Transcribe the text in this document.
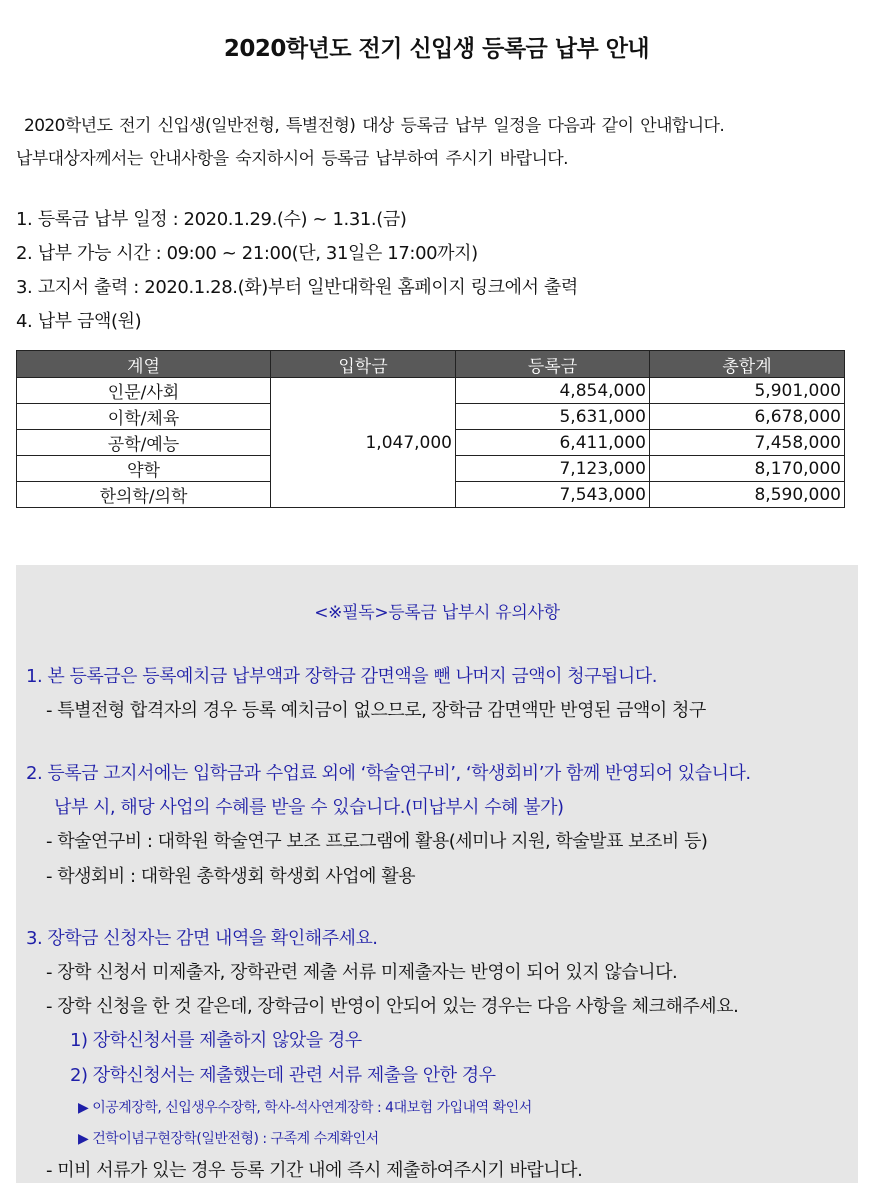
2020학년도 전기 신입생 등록금 납부 안내
2020학년도 전기 신입생(일반전형, 특별전형) 대상 등록금 납부 일정을 다음과 같이 안내합니다.
납부대상자께서는 안내사항을 숙지하시어 등록금 납부하여 주시기 바랍니다.
1. 등록금 납부 일정 : 2020.1.29.(수) ~ 1.31.(금)
2. 납부 가능 시간 : 09:00 ~ 21:00(단, 31일은 17:00까지)
3. 고지서 출력 : 2020.1.28.(화)부터 일반대학원 홈페이지 링크에서 출력
4. 납부 금액(원)
계열	입학금	등록금	총합계
인문/사회	1,047,000	4,854,000	5,901,000
이학/체육		5,631,000	6,678,000
공학/예능		6,411,000	7,458,000
약학		7,123,000	8,170,000
한의학/의학		7,543,000	8,590,000
<※필독>등록금 납부시 유의사항
1. 본 등록금은 등록예치금 납부액과 장학금 감면액을 뺀 나머지 금액이 청구됩니다.
- 특별전형 합격자의 경우 등록 예치금이 없으므로, 장학금 감면액만 반영된 금액이 청구
2. 등록금 고지서에는 입학금과 수업료 외에 ‘학술연구비’, ‘학생회비’가 함께 반영되어 있습니다.
납부 시, 해당 사업의 수혜를 받을 수 있습니다.(미납부시 수혜 불가)
- 학술연구비 : 대학원 학술연구 보조 프로그램에 활용(세미나 지원, 학술발표 보조비 등)
- 학생회비 : 대학원 총학생회 학생회 사업에 활용
3. 장학금 신청자는 감면 내역을 확인해주세요.
- 장학 신청서 미제출자, 장학관련 제출 서류 미제출자는 반영이 되어 있지 않습니다.
- 장학 신청을 한 것 같은데, 장학금이 반영이 안되어 있는 경우는 다음 사항을 체크해주세요.
1) 장학신청서를 제출하지 않았을 경우
2) 장학신청서는 제출했는데 관련 서류 제출을 안한 경우
▶ 이공계장학, 신입생우수장학, 학사-석사연계장학 : 4대보험 가입내역 확인서
▶ 건학이념구현장학(일반전형) : 구족계 수계확인서
- 미비 서류가 있는 경우 등록 기간 내에 즉시 제출하여주시기 바랍니다.
